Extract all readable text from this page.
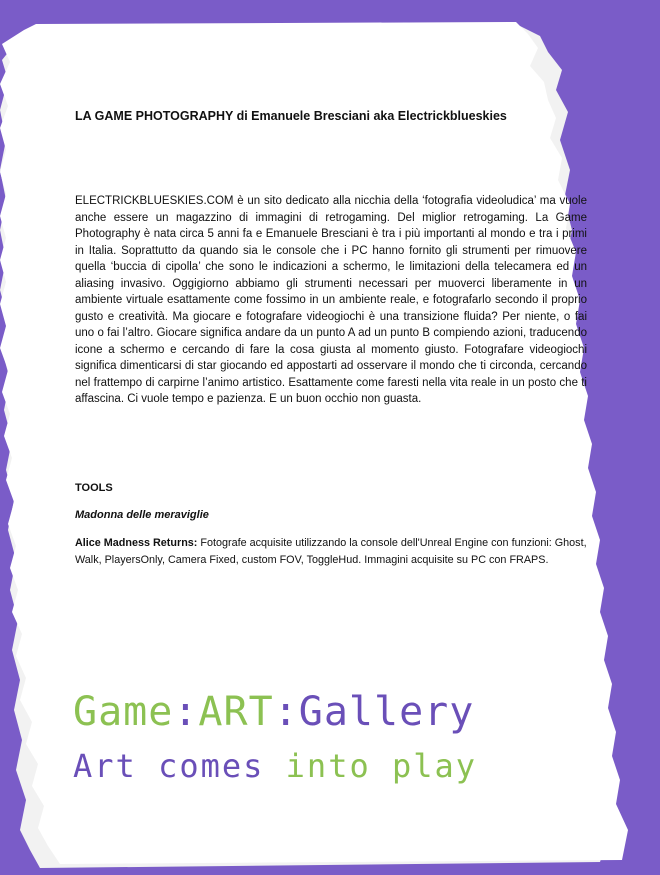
LA GAME PHOTOGRAPHY di Emanuele Bresciani aka Electrickblueskies

ELECTRICKBLUESKIES.COM è un sito dedicato alla nicchia della ‘fotografia videoludica’ ma vuole anche essere un magazzino di immagini di retrogaming. Del miglior retrogaming. La Game Photography è nata circa 5 anni fa e Emanuele Bresciani è tra i più importanti al mondo e tra i primi in Italia. Soprattutto da quando sia le console che i PC hanno fornito gli strumenti per rimuovere quella ‘buccia di cipolla’ che sono le indicazioni a schermo, le limitazioni della telecamera ed un aliasing invasivo. Oggigiorno abbiamo gli strumenti necessari per muoverci liberamente in un ambiente virtuale esattamente come fossimo in un ambiente reale, e fotografarlo secondo il proprio gusto e creatività. Ma giocare e fotografare videogiochi è una transizione fluida? Per niente, o fai uno o fai l’altro. Giocare significa andare da un punto A ad un punto B compiendo azioni, traducendo icone a schermo e cercando di fare la cosa giusta al momento giusto. Fotografare videogiochi significa dimenticarsi di star giocando ed appostarti ad osservare il mondo che ti circonda, cercando nel frattempo di carpirne l’animo artistico. Esattamente come faresti nella vita reale in un posto che ti affascina. Ci vuole tempo e pazienza. E un buon occhio non guasta.

TOOLS
Madonna delle meraviglie

Alice Madness Returns: Fotografe acquisite utilizzando la console dell'Unreal Engine con funzioni: Ghost, Walk, PlayersOnly, Camera Fixed, custom FOV, ToggleHud. Immagini acquisite su PC con FRAPS.

Game:ART:Gallery
Art comes into play
